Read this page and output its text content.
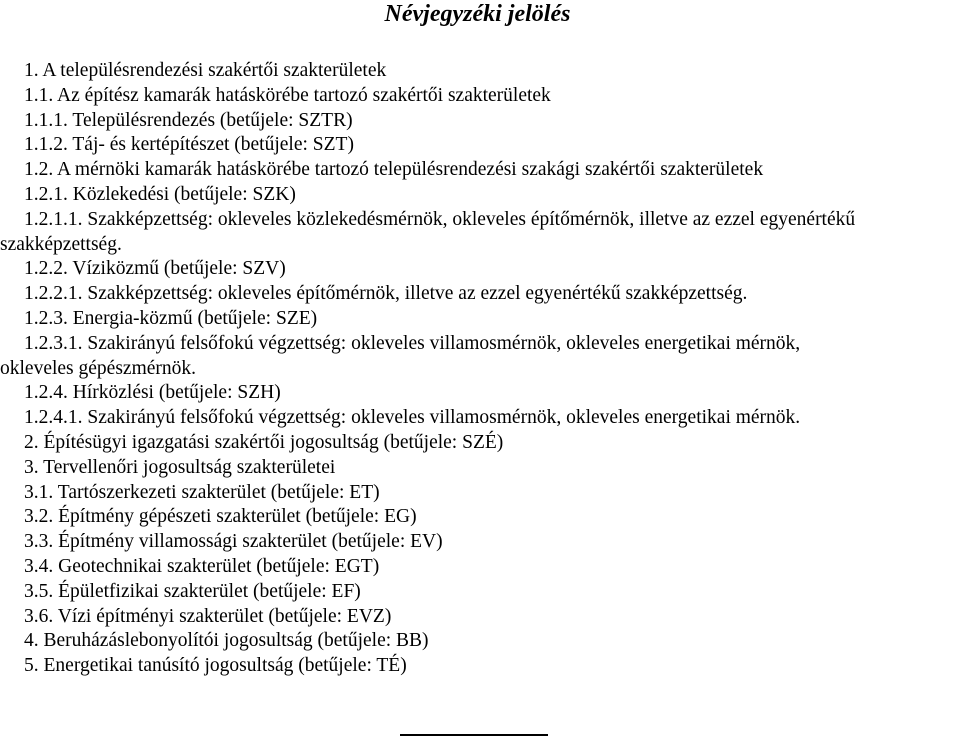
Névjegyzéki jelölés

1. A településrendezési szakértői szakterületek

1.1. Az építész kamarák hatáskörébe tartozó szakértői szakterületek

1.1.1. Településrendezés (betűjele: SZTR)

1.1.2. Táj- és kertépítészet (betűjele: SZT)

1.2. A mérnöki kamarák hatáskörébe tartozó településrendezési szakági szakértői szakterületek

1.2.1. Közlekedési (betűjele: SZK)

1.2.1.1. Szakképzettség: okleveles közlekedésmérnök, okleveles építőmérnök, illetve az ezzel egyenértékű

szakképzettség.

1.2.2. Víziközmű (betűjele: SZV)

1.2.2.1. Szakképzettség: okleveles építőmérnök, illetve az ezzel egyenértékű szakképzettség.

1.2.3. Energia-közmű (betűjele: SZE)

1.2.3.1. Szakirányú felsőfokú végzettség: okleveles villamosmérnök, okleveles energetikai mérnök,

okleveles gépészmérnök.

1.2.4. Hírközlési (betűjele: SZH)

1.2.4.1. Szakirányú felsőfokú végzettség: okleveles villamosmérnök, okleveles energetikai mérnök.

2. Építésügyi igazgatási szakértői jogosultság (betűjele: SZÉ)

3. Tervellenőri jogosultság szakterületei

3.1. Tartószerkezeti szakterület (betűjele: ET)

3.2. Építmény gépészeti szakterület (betűjele: EG)

3.3. Építmény villamossági szakterület (betűjele: EV)

3.4. Geotechnikai szakterület (betűjele: EGT)

3.5. Épületfizikai szakterület (betűjele: EF)

3.6. Vízi építményi szakterület (betűjele: EVZ)

4. Beruházáslebonyolítói jogosultság (betűjele: BB)

5. Energetikai tanúsító jogosultság (betűjele: TÉ)
